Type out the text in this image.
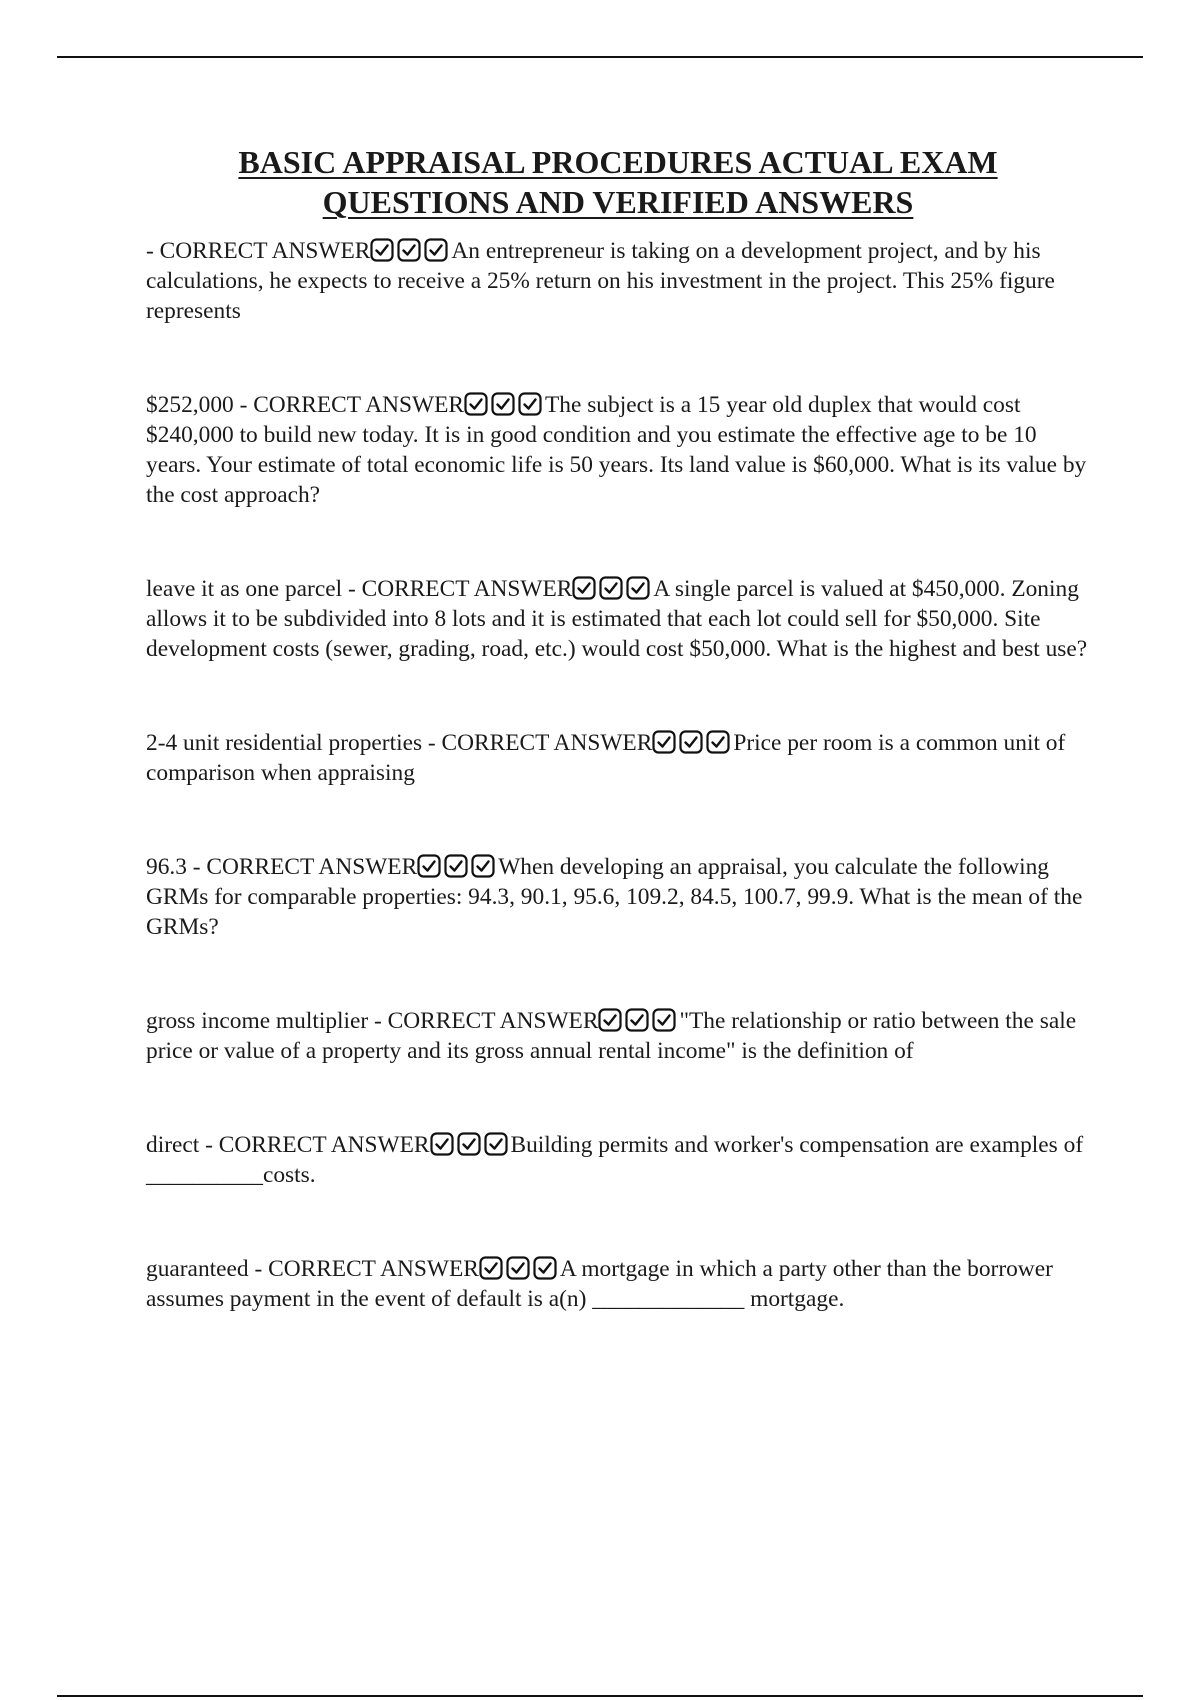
BASIC APPRAISAL PROCEDURES ACTUAL EXAM
QUESTIONS AND VERIFIED ANSWERS

- CORRECT ANSWER	An entrepreneur is taking on a development project, and by his calculations, he expects to receive a 25% return on his investment in the project. This 25% figure represents

$252,000 - CORRECT ANSWER	The subject is a 15 year old duplex that would cost $240,000 to build new today. It is in good condition and you estimate the effective age to be 10 years. Your estimate of total economic life is 50 years. Its land value is $60,000. What is its value by the cost approach?

leave it as one parcel - CORRECT ANSWER	A single parcel is valued at $450,000. Zoning allows it to be subdivided into 8 lots and it is estimated that each lot could sell for $50,000. Site development costs (sewer, grading, road, etc.) would cost $50,000. What is the highest and best use?

2-4 unit residential properties - CORRECT ANSWER	Price per room is a common unit of comparison when appraising

96.3 - CORRECT ANSWER	When developing an appraisal, you calculate the following GRMs for comparable properties: 94.3, 90.1, 95.6, 109.2, 84.5, 100.7, 99.9. What is the mean of the GRMs?

gross income multiplier - CORRECT ANSWER	"The relationship or ratio between the sale price or value of a property and its gross annual rental income" is the definition of

direct - CORRECT ANSWER	Building permits and worker's compensation are examples of __________costs.

guaranteed - CORRECT ANSWER	A mortgage in which a party other than the borrower assumes payment in the event of default is a(n) _____________ mortgage.
